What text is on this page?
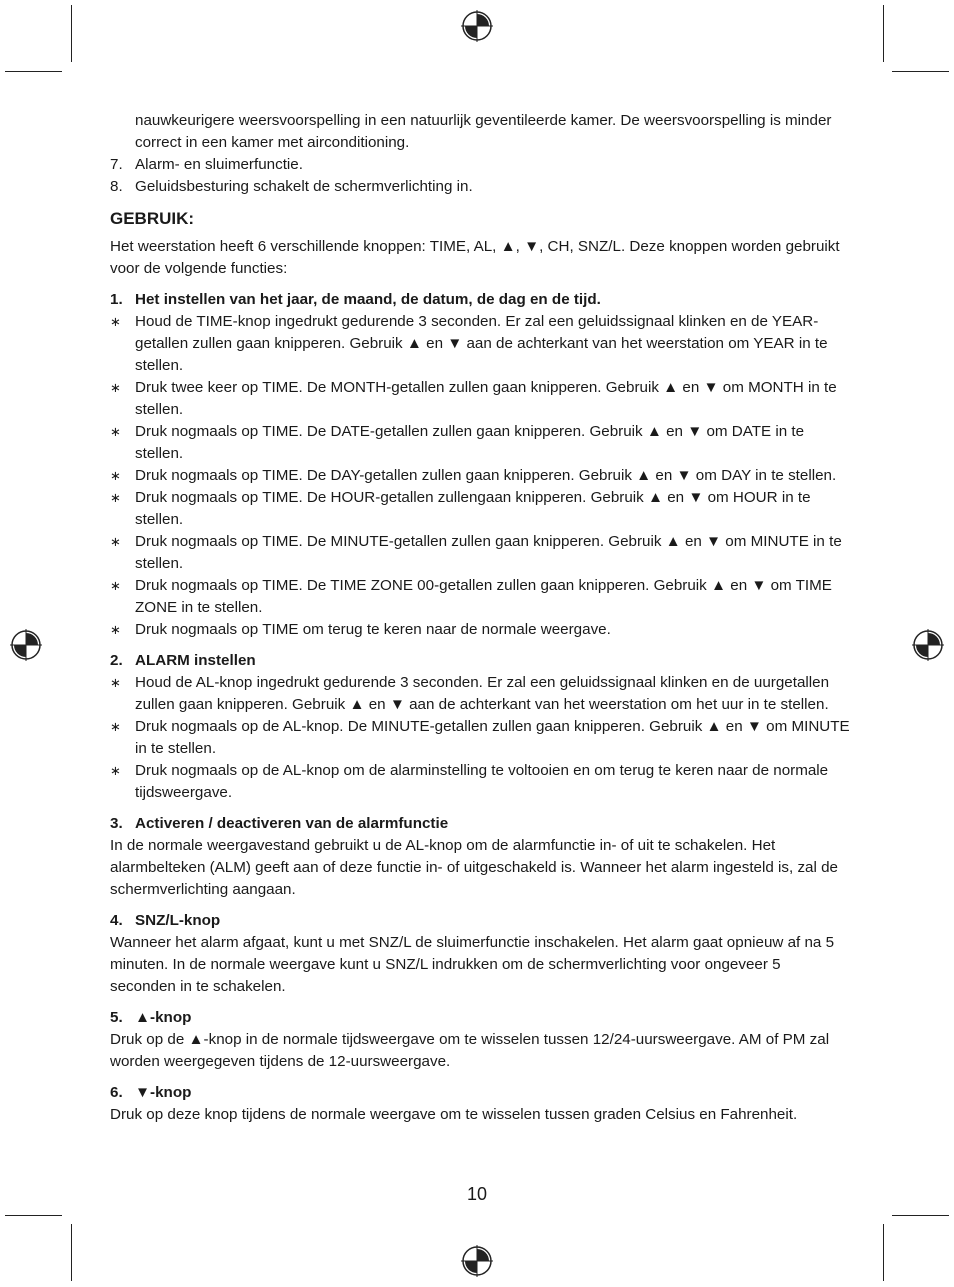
nauwkeurigere weersvoorspelling in een natuurlijk geventileerde kamer. De weersvoorspelling is minder correct in een kamer met airconditioning.

7. Alarm- en sluimerfunctie.
8. Geluidsbesturing schakelt de schermverlichting in.
GEBRUIK:

Het weerstation heeft 6 verschillende knoppen: TIME, AL, ▲, ▼, CH, SNZ/L. Deze knoppen worden gebruikt voor de volgende functies:

1. Het instellen van het jaar, de maand, de datum, de dag en de tijd.
∗ Houd de TIME-knop ingedrukt gedurende 3 seconden. Er zal een geluidssignaal klinken en de YEAR-getallen zullen gaan knipperen. Gebruik ▲ en ▼ aan de achterkant van het weerstation om YEAR in te stellen.
∗ Druk twee keer op TIME. De MONTH-getallen zullen gaan knipperen. Gebruik ▲ en ▼ om MONTH in te stellen.
∗ Druk nogmaals op TIME. De DATE-getallen zullen gaan knipperen. Gebruik ▲ en ▼ om DATE in te stellen.
∗ Druk nogmaals op TIME. De DAY-getallen zullen gaan knipperen. Gebruik ▲ en ▼ om DAY in te stellen.
∗ Druk nogmaals op TIME. De HOUR-getallen zullengaan knipperen. Gebruik ▲ en ▼ om HOUR in te stellen.
∗ Druk nogmaals op TIME. De MINUTE-getallen zullen gaan knipperen. Gebruik ▲ en ▼ om MINUTE in te stellen.
∗ Druk nogmaals op TIME. De TIME ZONE 00-getallen zullen gaan knipperen. Gebruik ▲ en ▼ om TIME ZONE in te stellen.
∗ Druk nogmaals op TIME om terug te keren naar de normale weergave.
2. ALARM instellen
∗ Houd de AL-knop ingedrukt gedurende 3 seconden. Er zal een geluidssignaal klinken en de uurgetallen zullen gaan knipperen. Gebruik ▲ en ▼ aan de achterkant van het weerstation om het uur in te stellen.
∗ Druk nogmaals op de AL-knop. De MINUTE-getallen zullen gaan knipperen. Gebruik ▲ en ▼ om MINUTE in te stellen.
∗ Druk nogmaals op de AL-knop om de alarminstelling te voltooien en om terug te keren naar de normale tijdsweergave.
3. Activeren / deactiveren van de alarmfunctie

In de normale weergavestand gebruikt u de AL-knop om de alarmfunctie in- of uit te schakelen. Het alarmbelteken (ALM) geeft aan of deze functie in- of uitgeschakeld is. Wanneer het alarm ingesteld is, zal de schermverlichting aangaan.

4. SNZ/L-knop

Wanneer het alarm afgaat, kunt u met SNZ/L de sluimerfunctie inschakelen. Het alarm gaat opnieuw af na 5 minuten. In de normale weergave kunt u SNZ/L indrukken om de schermverlichting voor ongeveer 5 seconden in te schakelen.

5. ▲-knop

Druk op de ▲-knop in de normale tijdsweergave om te wisselen tussen 12/24-uursweergave. AM of PM zal worden weergegeven tijdens de 12-uursweergave.

6. ▼-knop

Druk op deze knop tijdens de normale weergave om te wisselen tussen graden Celsius en Fahrenheit.

10
